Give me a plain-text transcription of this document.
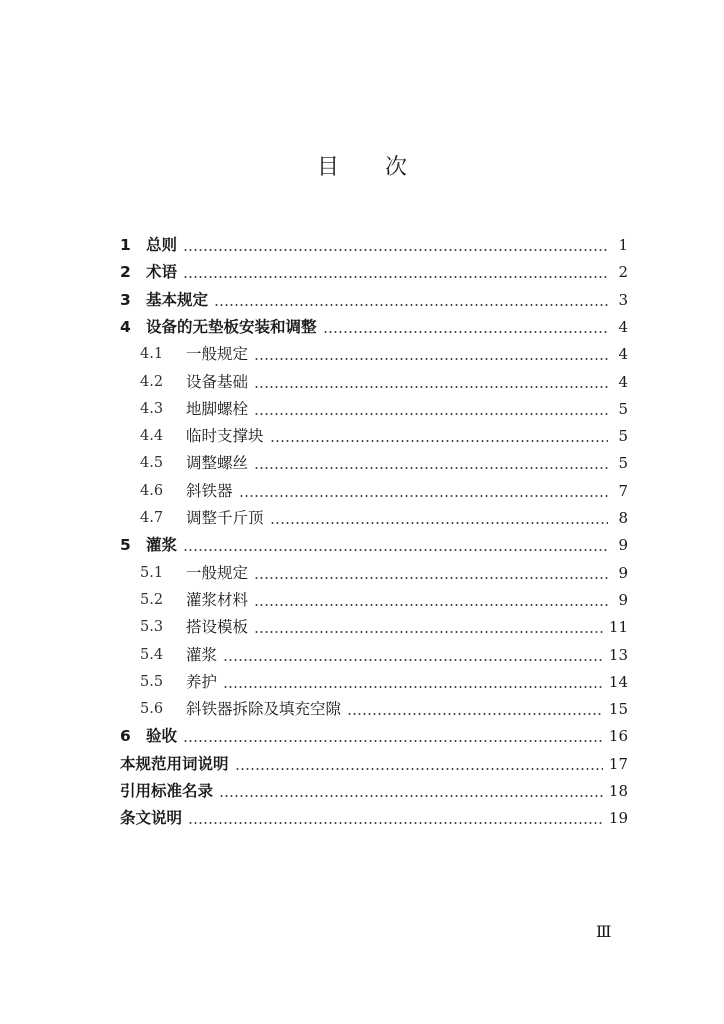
目 次
1 总则	1
2 术语	2
3 基本规定	3
4 设备的无垫板安装和调整	4
4.1	一般规定	4
4.2	设备基础	4
4.3	地脚螺栓	5
4.4	临时支撑块	5
4.5	调整螺丝	5
4.6	斜铁器	7
4.7	调整千斤顶	8
5 灌浆	9
5.1	一般规定	9
5.2	灌浆材料	9
5.3	搭设模板	11
5.4	灌浆	13
5.5	养护	14
5.6	斜铁器拆除及填充空隙	15
6 验收	16
本规范用词说明	17
引用标准名录	18
条文说明	19
Ⅲ
